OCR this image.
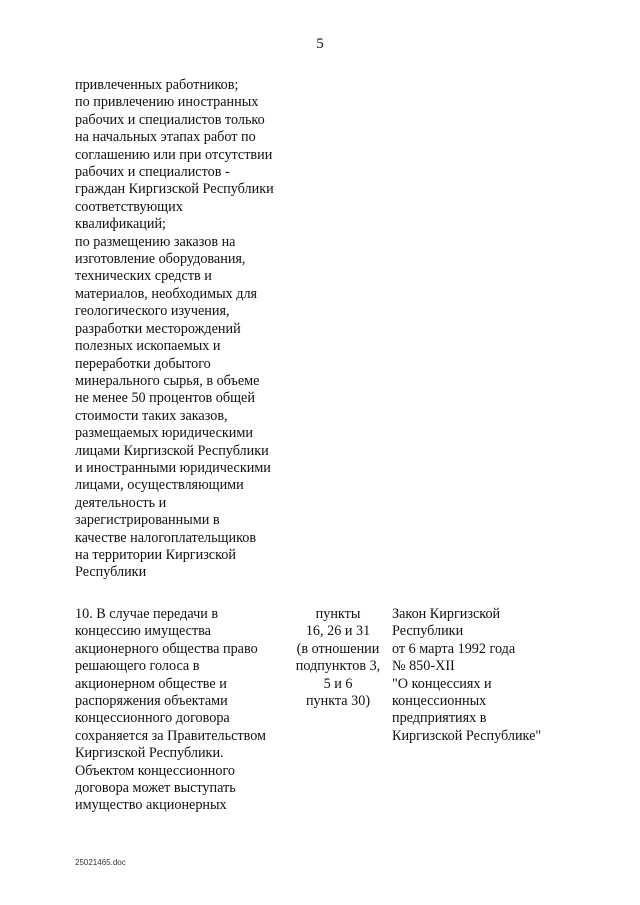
5
привлеченных работников;
по привлечению иностранных
рабочих и специалистов только
на начальных этапах работ по
соглашению или при отсутствии
рабочих и специалистов -
граждан Киргизской Республики
соответствующих
квалификаций;
по размещению заказов на
изготовление оборудования,
технических средств и
материалов, необходимых для
геологического изучения,
разработки месторождений
полезных ископаемых и
переработки добытого
минерального сырья, в объеме
не менее 50 процентов общей
стоимости таких заказов,
размещаемых юридическими
лицами Киргизской Республики
и иностранными юридическими
лицами, осуществляющими
деятельность и
зарегистрированными в
качестве налогоплательщиков
на территории Киргизской
Республики
10. В случае передачи в
концессию имущества
акционерного общества право
решающего голоса в
акционерном обществе и
распоряжения объектами
концессионного договора
сохраняется за Правительством
Киргизской Республики.
Объектом концессионного
договора может выступать
имущество акционерных
пункты
16, 26 и 31
(в отношении
подпунктов 3,
5 и 6
пункта 30)
Закон Киргизской
Республики
от 6 марта 1992 года
№ 850-XII
"О концессиях и
концессионных
предприятиях в
Киргизской Республике"
25021465.doc
